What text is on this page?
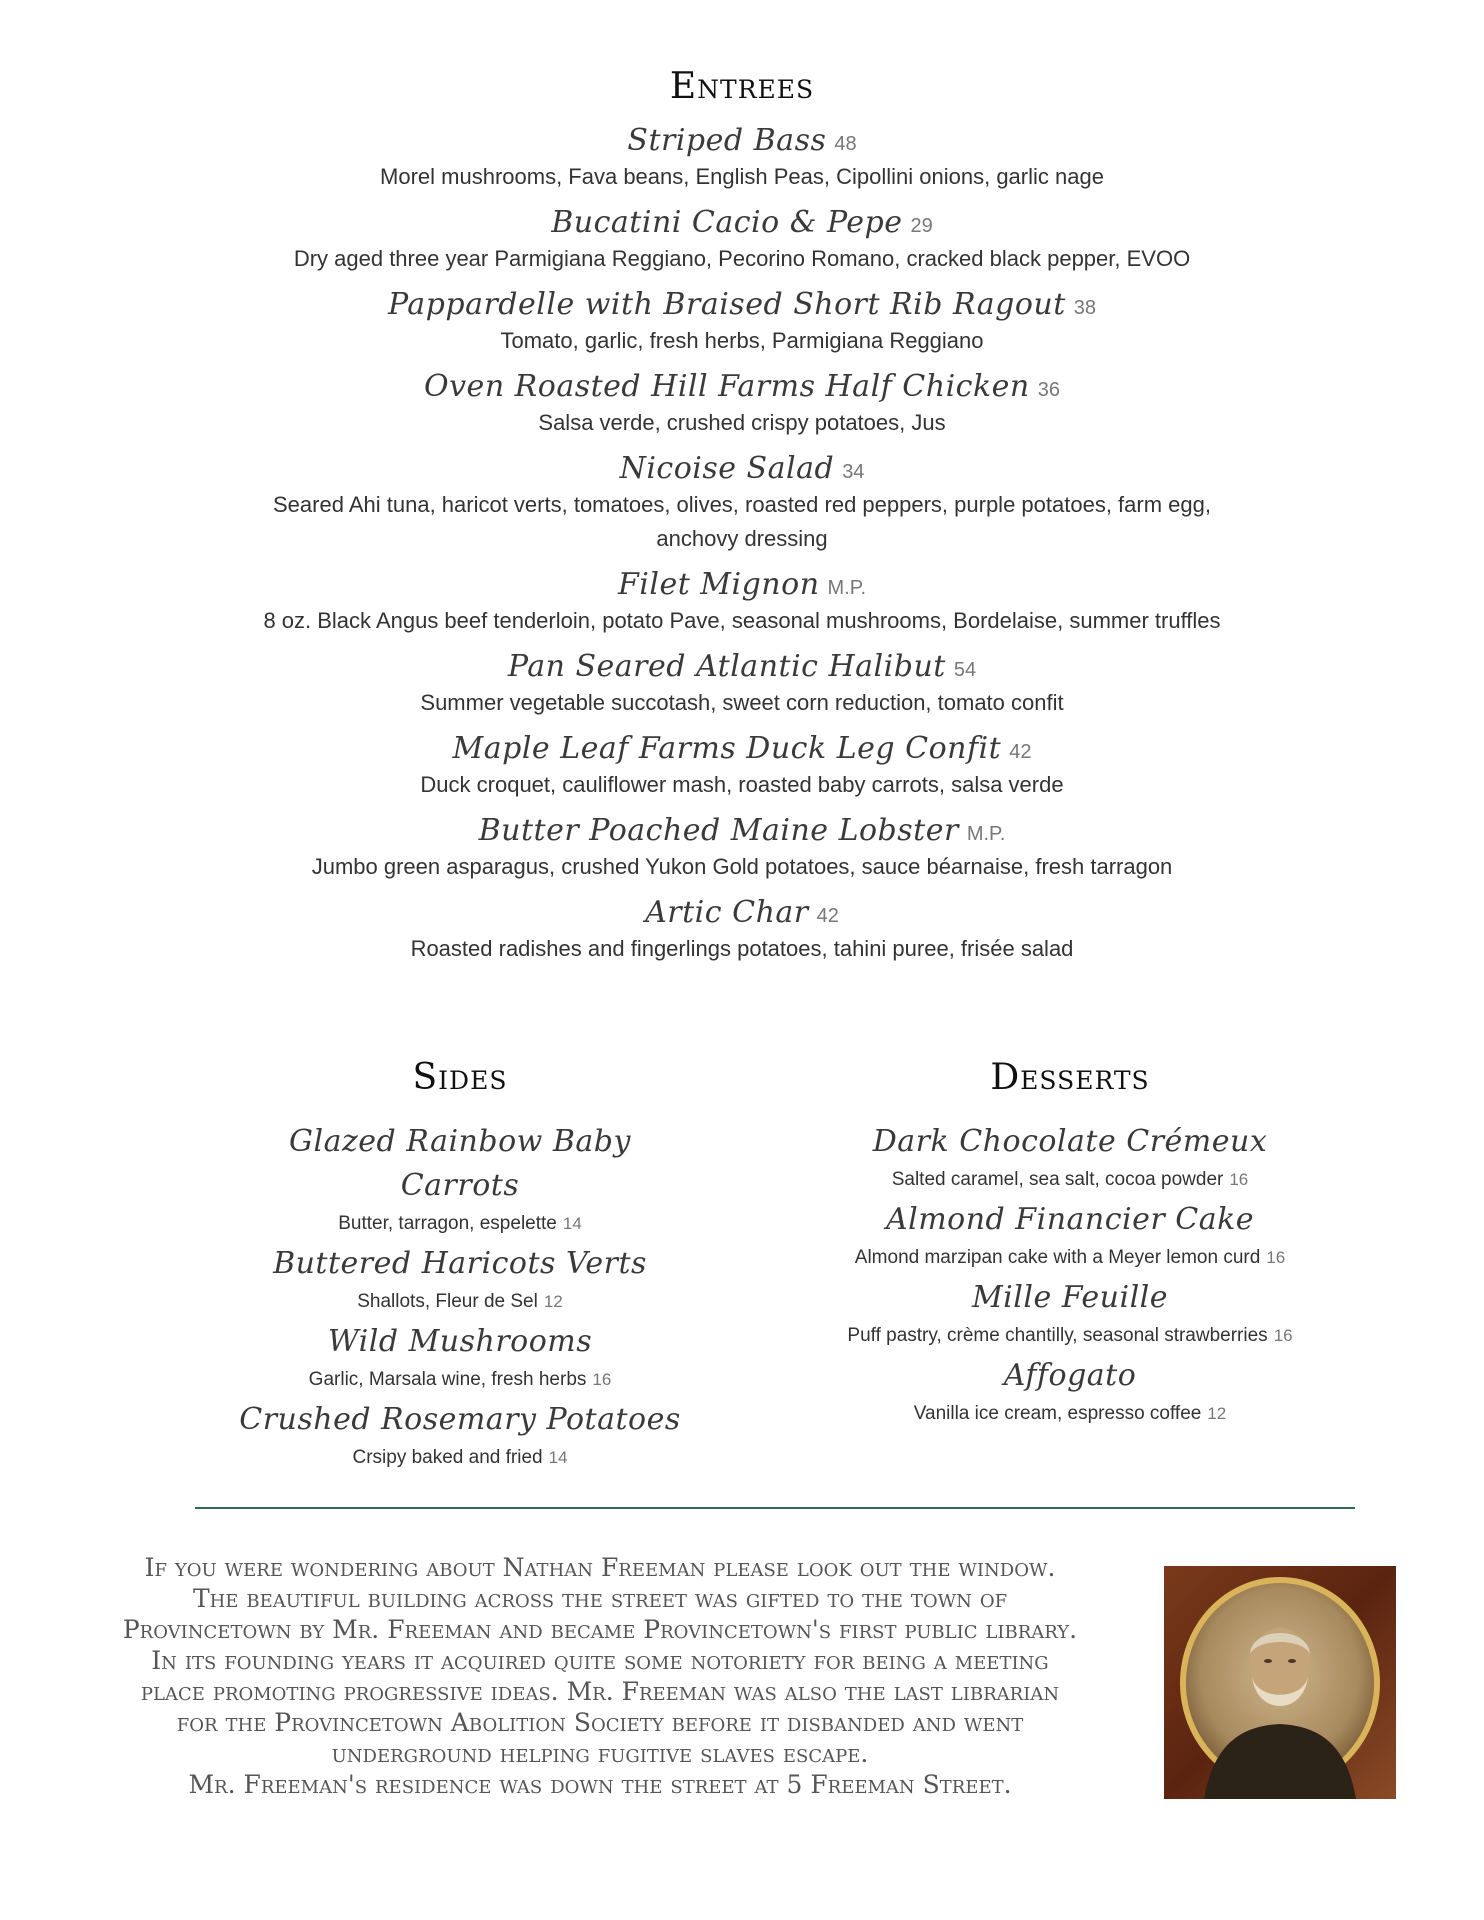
Entrees
Striped Bass 48
Morel mushrooms, Fava beans, English Peas, Cipollini onions, garlic nage
Bucatini Cacio & Pepe 29
Dry aged three year Parmigiana Reggiano, Pecorino Romano, cracked black pepper, EVOO
Pappardelle with Braised Short Rib Ragout 38
Tomato, garlic, fresh herbs, Parmigiana Reggiano
Oven Roasted Hill Farms Half Chicken 36
Salsa verde, crushed crispy potatoes, Jus
Nicoise Salad 34
Seared Ahi tuna, haricot verts, tomatoes, olives, roasted red peppers, purple potatoes, farm egg, anchovy dressing
Filet Mignon M.P.
8 oz. Black Angus beef tenderloin, potato Pave, seasonal mushrooms, Bordelaise, summer truffles
Pan Seared Atlantic Halibut 54
Summer vegetable succotash, sweet corn reduction, tomato confit
Maple Leaf Farms Duck Leg Confit 42
Duck croquet, cauliflower mash, roasted baby carrots, salsa verde
Butter Poached Maine Lobster M.P.
Jumbo green asparagus, crushed Yukon Gold potatoes, sauce béarnaise, fresh tarragon
Artic Char 42
Roasted radishes and fingerlings potatoes, tahini puree, frisée salad
Sides
Glazed Rainbow Baby Carrots
Butter, tarragon, espelette 14
Buttered Haricots Verts
Shallots, Fleur de Sel 12
Wild Mushrooms
Garlic, Marsala wine, fresh herbs 16
Crushed Rosemary Potatoes
Crsipy baked and fried 14
Desserts
Dark Chocolate Crémeux
Salted caramel, sea salt, cocoa powder 16
Almond Financier Cake
Almond marzipan cake with a Meyer lemon curd 16
Mille Feuille
Puff pastry, crème chantilly, seasonal strawberries 16
Affogato
Vanilla ice cream, espresso coffee 12

If you were wondering about Nathan Freeman please look out the window.

The beautiful building across the street was gifted to the town of

Provincetown by Mr. Freeman and became Provincetown's first public library.

In its founding years it acquired quite some notoriety for being a meeting

place promoting progressive ideas. Mr. Freeman was also the last librarian

for the Provincetown Abolition Society before it disbanded and went

underground helping fugitive slaves escape.

Mr. Freeman's residence was down the street at 5 Freeman Street.
